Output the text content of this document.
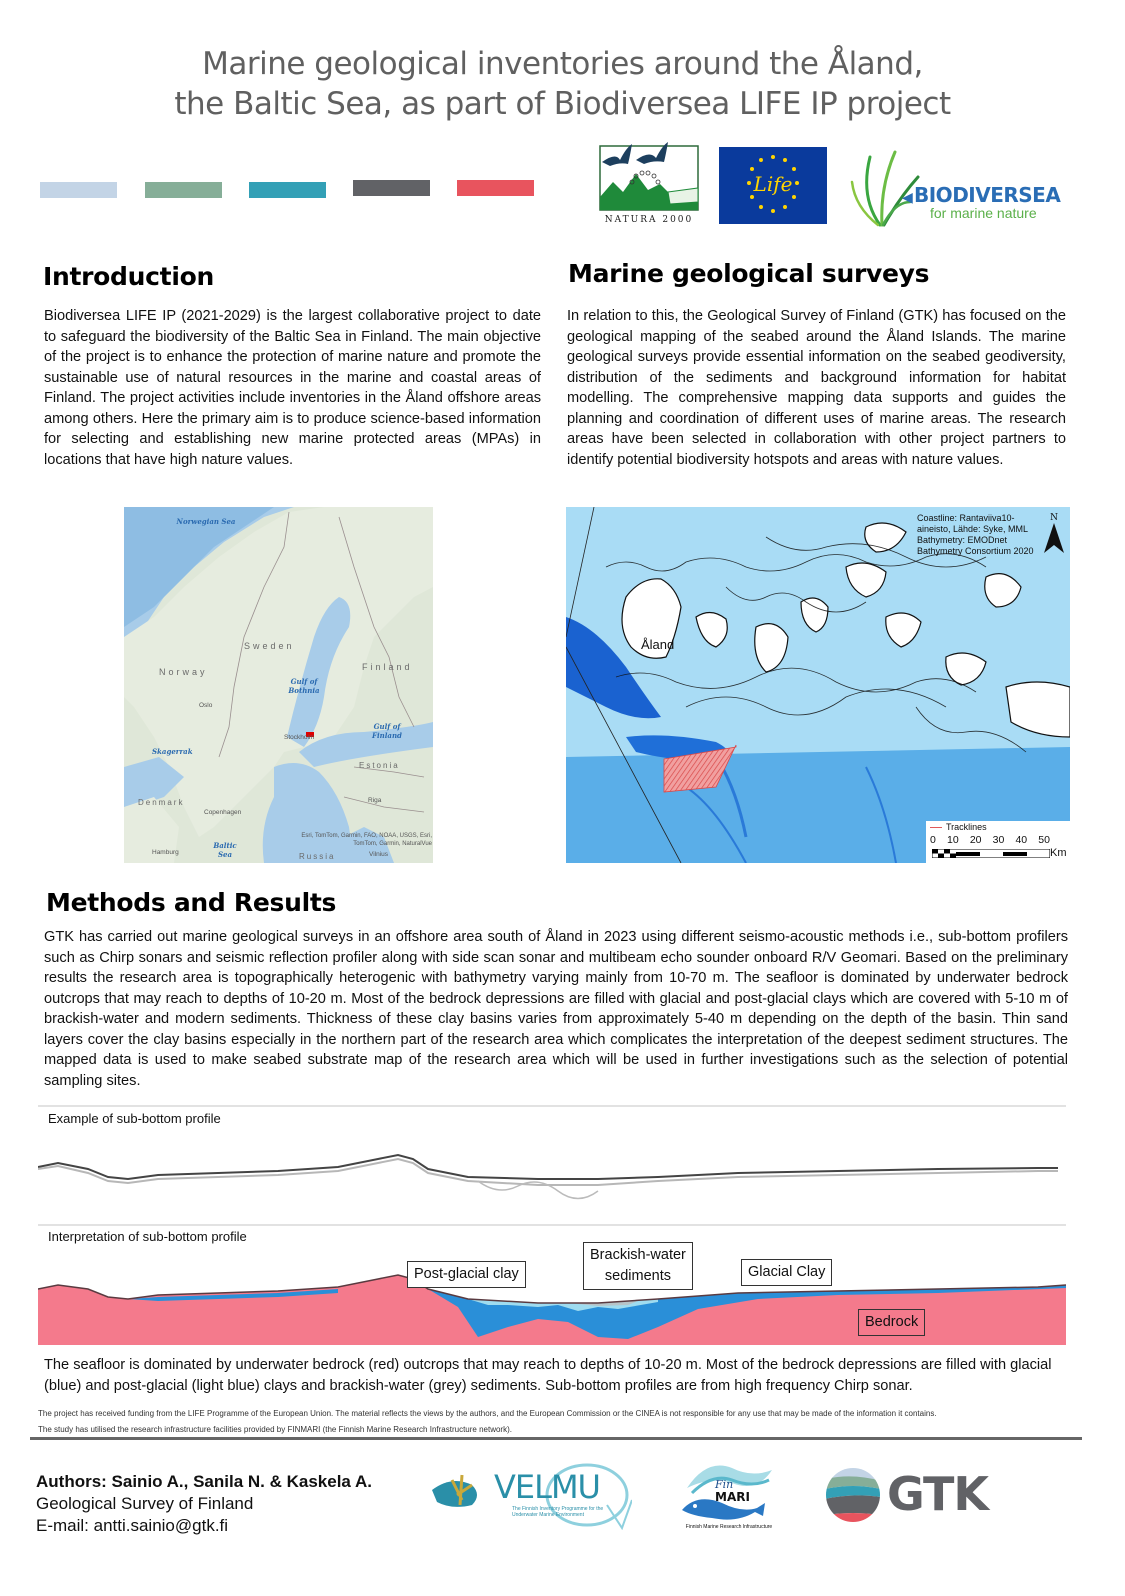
Marine geological inventories around the Åland,
the Baltic Sea, as part of Biodiversea LIFE IP project
NATURA 2000
Life
◀ BIODIVERSEA
for marine nature
Introduction
Biodiversea LIFE IP (2021-2029) is the largest collaborative project to date to safeguard the biodiversity of the Baltic Sea in Finland. The main objective of the project is to enhance the protection of marine nature and promote the sustainable use of natural resources in the marine and coastal areas of Finland. The project activities include inventories in the Åland offshore areas among others. Here the primary aim is to produce science-based information for selecting and establishing new marine protected areas (MPAs) in locations that have high nature values.
Marine geological surveys
In relation to this, the Geological Survey of Finland (GTK) has focused on the geological mapping of the seabed around the Åland Islands. The marine geological surveys provide essential information on the seabed geodiversity, distribution of the sediments and background information for habitat modelling. The comprehensive mapping data supports and guides the planning and coordination of different uses of marine areas. The research areas have been selected in collaboration with other project partners to identify potential biodiversity hotspots and areas with nature values.
Norwegian Sea
Sweden
Norway	Finland
Gulf of Bothnia
Oslo
Stockholm
Gulf of Finland
Skagerrak
Estonia
Denmark
Copenhagen
Riga
Baltic Sea
Hamburg	Russia	Vilnius
Esri, TomTom, Garmin, FAO, NOAA, USGS, Esri, TomTom, Garmin, NaturalVue
Åland
Coastline: Rantaviiva10-
aineisto, Lähde: Syke, MML
Bathymetry: EMODnet
Bathymetry Consortium 2020
N
Tracklines
0 10 20 30 40 50
Km
Methods and Results
GTK has carried out marine geological surveys in an offshore area south of Åland in 2023 using different seismo-acoustic methods i.e., sub-bottom profilers such as Chirp sonars and seismic reflection profiler along with side scan sonar and multibeam echo sounder onboard R/V Geomari. Based on the preliminary results the research area is topographically heterogenic with bathymetry varying mainly from 10-70 m. The seafloor is dominated by underwater bedrock outcrops that may reach to depths of 10-20 m. Most of the bedrock depressions are filled with glacial and post-glacial clays which are covered with 5-10 m of brackish-water and modern sediments. Thickness of these clay basins varies from approximately 5-40 m depending on the depth of the basin. Thin sand layers cover the clay basins especially in the northern part of the research area which complicates the interpretation of the deepest sediment structures. The mapped data is used to make seabed substrate map of the research area which will be used in further investigations such as the selection of potential sampling sites.
Example of sub-bottom profile
Interpretation of sub-bottom profile
Post-glacial clay
Brackish-water
sediments	Glacial Clay
Bedrock
The seafloor is dominated by underwater bedrock (red) outcrops that may reach to depths of 10-20 m. Most of the bedrock depressions are filled with glacial (blue) and post-glacial (light blue) clays and brackish-water (grey) sediments. Sub-bottom profiles are from high frequency Chirp sonar.
The project has received funding from the LIFE Programme of the European Union. The material reflects the views by the authors, and the European Commission or the CINEA is not responsible for any use that may be made of the information it contains.
The study has utilised the research infrastructure facilities provided by FINMARI (the Finnish Marine Research Infrastructure network).
Authors: Sainio A., Sanila N. & Kaskela A.
Geological Survey of Finland
E-mail: antti.sainio@gtk.fi
VELMU
The Finnish Inventory Programme for the Underwater Marine Environment
Fin
MARI
Finnish Marine Research Infrastructure
GTK
